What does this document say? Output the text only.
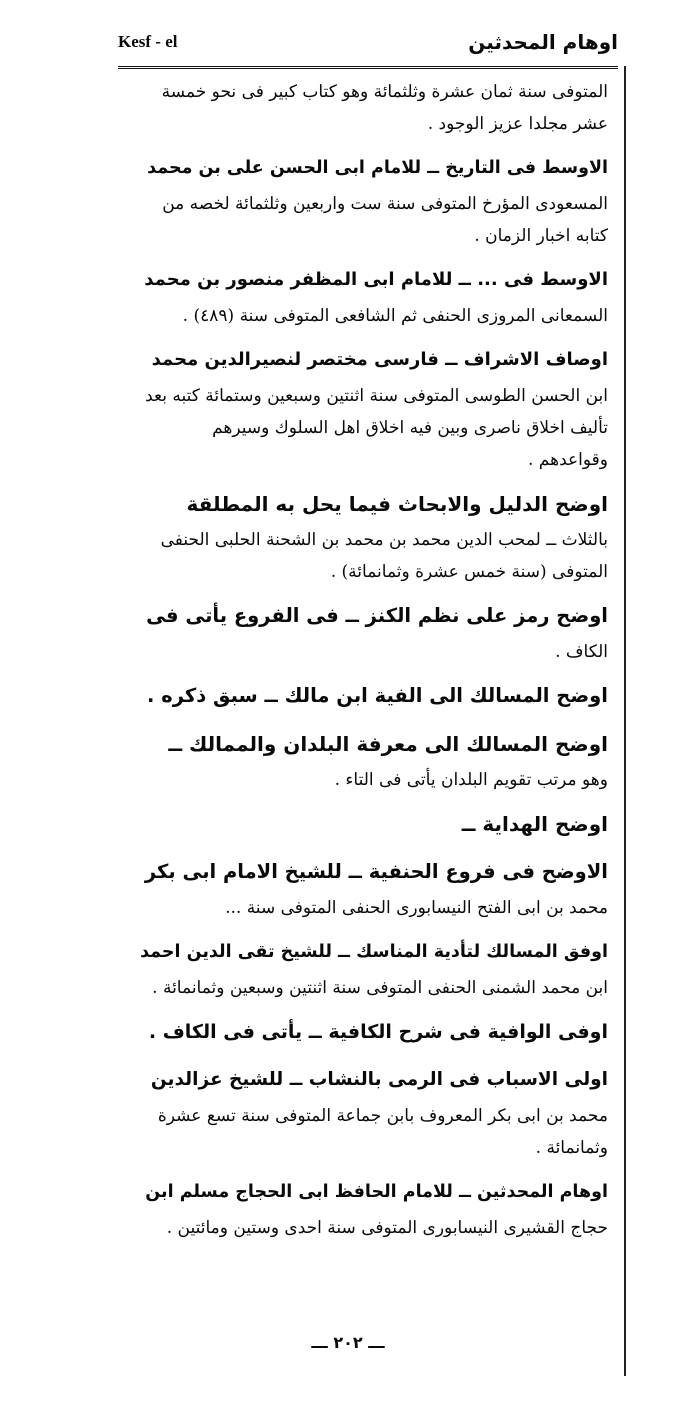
Kesf - el	اوهام المحدثين
المتوفى سنة ثمان عشرة وثلثمائة وهو كتاب كبير فى نحو خمسة
عشر مجلدا عزيز الوجود .
الاوسط فى التاريخ ــ للامام ابى الحسن على بن محمد
المسعودى المؤرخ المتوفى سنة ست واربعين وثلثمائة لخصه من
كتابه اخبار الزمان .
الاوسط فى ... ــ للامام ابى المظفر منصور بن محمد
السمعانى المروزى الحنفى ثم الشافعى المتوفى سنة (٤٨٩) .
اوصاف الاشراف ــ فارسى مختصر لنصيرالدين محمد
ابن الحسن الطوسى المتوفى سنة اثنتين وسبعين وستمائة كتبه بعد
تأليف اخلاق ناصرى وبين فيه اخلاق اهل السلوك وسيرهم
وقواعدهم .
اوضح الدليل والابحاث فيما يحل به المطلقة
بالثلاث ــ لمحب الدين محمد بن محمد بن الشحنة الحلبى الحنفى
المتوفى (سنة خمس عشرة وثمانمائة) .
اوضح رمز على نظم الكنز ــ فى الفروع يأتى فى
الكاف .
اوضح المسالك الى الفية ابن مالك ــ سبق ذكره .
اوضح المسالك الى معرفة البلدان والممالك ــ
وهو مرتب تقويم البلدان يأتى فى التاء .
اوضح الهداية ــ
الاوضح فى فروع الحنفية ــ للشيخ الامام ابى بكر
محمد بن ابى الفتح النيسابورى الحنفى المتوفى سنة ...
اوفق المسالك لتأدية المناسك ــ للشيخ تقى الدين احمد
ابن محمد الشمنى الحنفى المتوفى سنة اثنتين وسبعين وثمانمائة .
اوفى الوافية فى شرح الكافية ــ يأتى فى الكاف .
اولى الاسباب فى الرمى بالنشاب ــ للشيخ عزالدين
محمد بن ابى بكر المعروف بابن جماعة المتوفى سنة تسع عشرة
وثمانمائة .
اوهام المحدثين ــ للامام الحافظ ابى الحجاج مسلم ابن
حجاج القشيرى النيسابورى المتوفى سنة احدى وستين ومائتين .
ـــ ٢٠٢ ـــ
